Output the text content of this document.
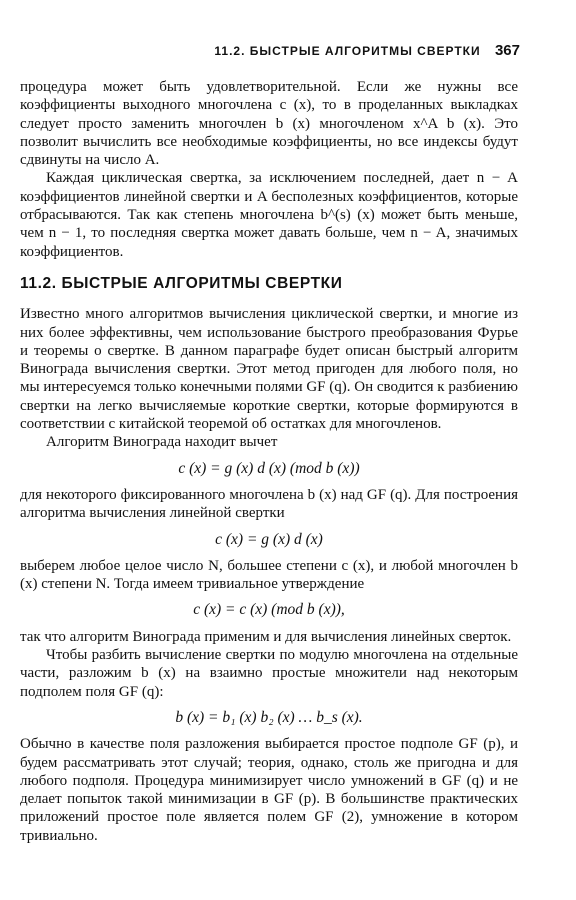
11.2. БЫСТРЫЕ АЛГОРИТМЫ СВЕРТКИ 367

процедура может быть удовлетворительной. Если же нужны все коэффициенты выходного многочлена c (x), то в проделанных выкладках следует просто заменить многочлен b (x) многочленом x^A b (x). Это позволит вычислить все необходимые коэффициенты, но все индексы будут сдвинуты на число A.

Каждая циклическая свертка, за исключением последней, дает n − A коэффициентов линейной свертки и A бесполезных коэффициентов, которые отбрасываются. Так как степень многочлена b^(s) (x) может быть меньше, чем n − 1, то последняя свертка может давать больше, чем n − A, значимых коэффициентов.

11.2. БЫСТРЫЕ АЛГОРИТМЫ СВЕРТКИ

Известно много алгоритмов вычисления циклической свертки, и многие из них более эффективны, чем использование быстрого преобразования Фурье и теоремы о свертке. В данном параграфе будет описан быстрый алгоритм Винограда вычисления свертки. Этот метод пригоден для любого поля, но мы интересуемся только конечными полями GF (q). Он сводится к разбиению свертки на легко вычисляемые короткие свертки, которые формируются в соответствии с китайской теоремой об остатках для многочленов.

Алгоритм Винограда находит вычет

c (x) = g (x) d (x) (mod b (x))

для некоторого фиксированного многочлена b (x) над GF (q). Для построения алгоритма вычисления линейной свертки

c (x) = g (x) d (x)

выберем любое целое число N, большее степени c (x), и любой многочлен b (x) степени N. Тогда имеем тривиальное утверждение

c (x) = c (x) (mod b (x)),

так что алгоритм Винограда применим и для вычисления линейных сверток.

Чтобы разбить вычисление свертки по модулю многочлена на отдельные части, разложим b (x) на взаимно простые множители над некоторым подполем поля GF (q):

b (x) = b₁ (x) b₂ (x) … b_s (x).

Обычно в качестве поля разложения выбирается простое подполе GF (p), и будем рассматривать этот случай; теория, однако, столь же пригодна и для любого подполя. Процедура минимизирует число умножений в GF (q) и не делает попыток такой минимизации в GF (p). В большинстве практических приложений простое поле является полем GF (2), умножение в котором тривиально.
